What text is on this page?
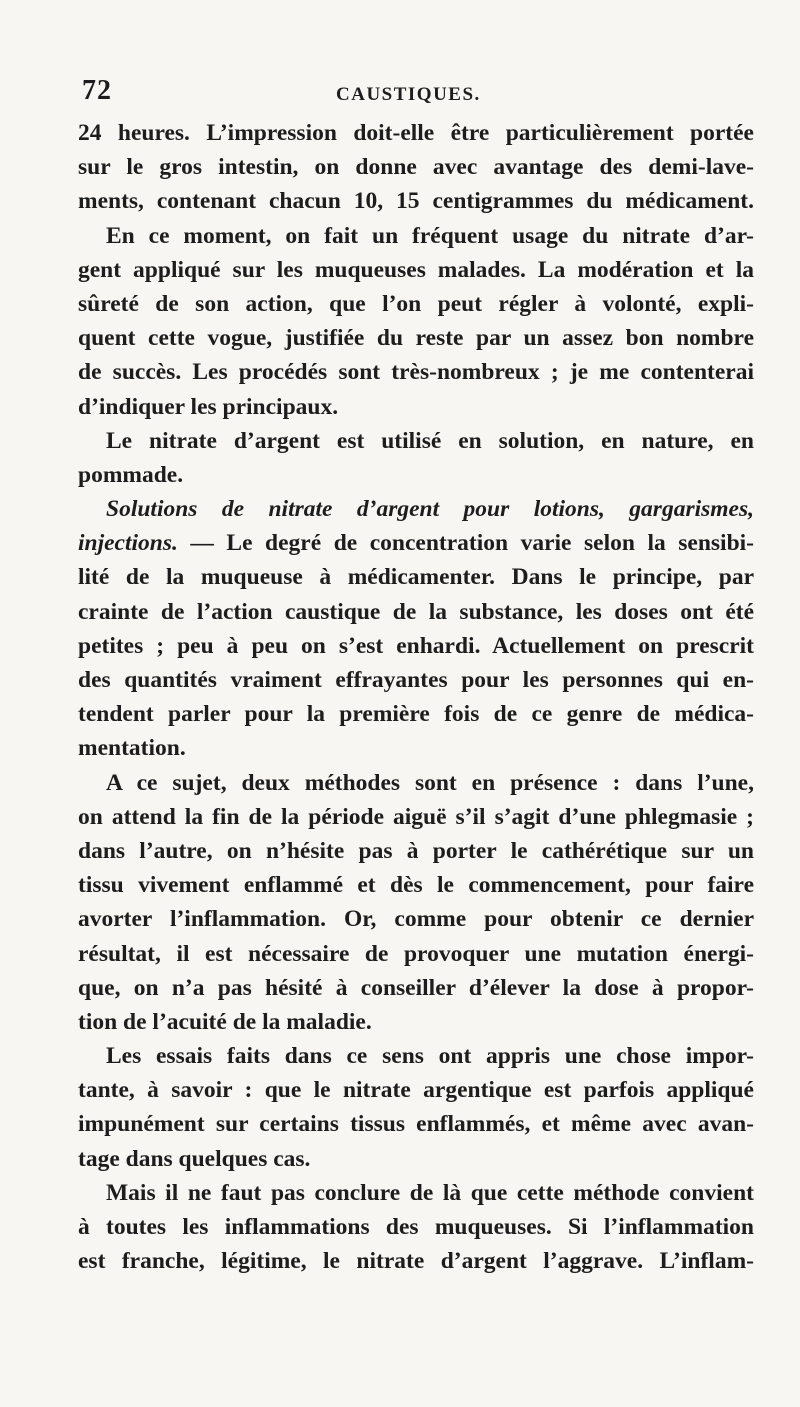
72	CAUSTIQUES.
24 heures. L’impression doit-elle être particulièrement portée
sur le gros intestin, on donne avec avantage des demi-lave-
ments, contenant chacun 10, 15 centigrammes du médicament.
En ce moment, on fait un fréquent usage du nitrate d’ar-
gent appliqué sur les muqueuses malades. La modération et la
sûreté de son action, que l’on peut régler à volonté, expli-
quent cette vogue, justifiée du reste par un assez bon nombre
de succès. Les procédés sont très-nombreux ; je me contenterai
d’indiquer les principaux.
Le nitrate d’argent est utilisé en solution, en nature, en
pommade.
Solutions de nitrate d’argent pour lotions, gargarismes,
injections. — Le degré de concentration varie selon la sensibi-
lité de la muqueuse à médicamenter. Dans le principe, par
crainte de l’action caustique de la substance, les doses ont été
petites ; peu à peu on s’est enhardi. Actuellement on prescrit
des quantités vraiment effrayantes pour les personnes qui en-
tendent parler pour la première fois de ce genre de médica-
mentation.
A ce sujet, deux méthodes sont en présence : dans l’une,
on attend la fin de la période aiguë s’il s’agit d’une phlegmasie ;
dans l’autre, on n’hésite pas à porter le cathérétique sur un
tissu vivement enflammé et dès le commencement, pour faire
avorter l’inflammation. Or, comme pour obtenir ce dernier
résultat, il est nécessaire de provoquer une mutation énergi-
que, on n’a pas hésité à conseiller d’élever la dose à propor-
tion de l’acuité de la maladie.
Les essais faits dans ce sens ont appris une chose impor-
tante, à savoir : que le nitrate argentique est parfois appliqué
impunément sur certains tissus enflammés, et même avec avan-
tage dans quelques cas.
Mais il ne faut pas conclure de là que cette méthode convient
à toutes les inflammations des muqueuses. Si l’inflammation
est franche, légitime, le nitrate d’argent l’aggrave. L’inflam-
